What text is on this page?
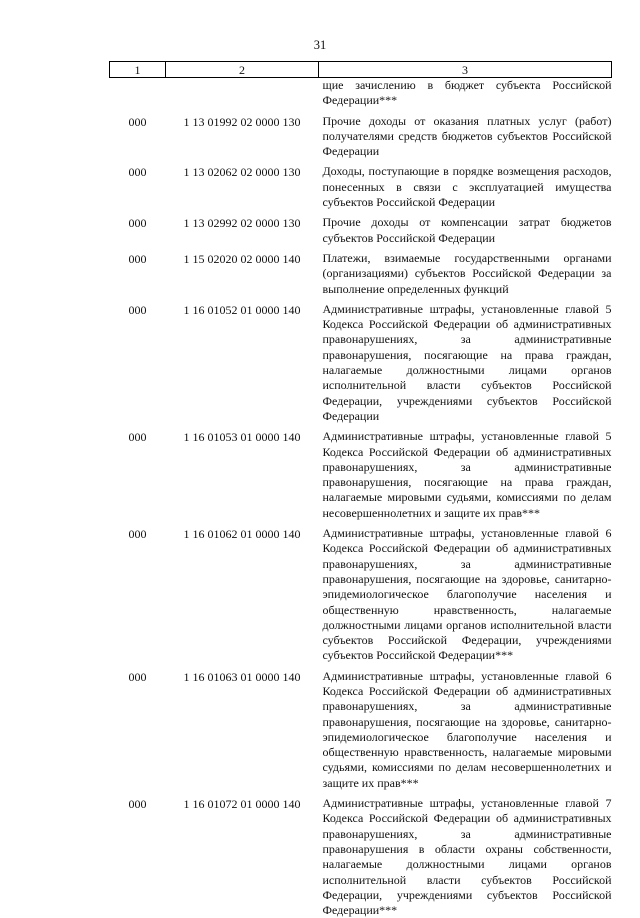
31
1	2	3
		щие зачислению в бюджет субъекта Российской Федерации***
000	1 13 01992 02 0000 130	Прочие доходы от оказания платных услуг (работ) получателями средств бюджетов субъектов Российской Федерации
000	1 13 02062 02 0000 130	Доходы, поступающие в порядке возмещения расходов, понесенных в связи с эксплуатацией имущества субъектов Российской Федерации
000	1 13 02992 02 0000 130	Прочие доходы от компенсации затрат бюджетов субъектов Российской Федерации
000	1 15 02020 02 0000 140	Платежи, взимаемые государственными органами (организациями) субъектов Российской Федерации за выполнение определенных функций
000	1 16 01052 01 0000 140	Административные штрафы, установленные главой 5 Кодекса Российской Федерации об административных правонарушениях, за административные правонарушения, посягающие на права граждан, налагаемые должностными лицами органов исполнительной власти субъектов Российской Федерации, учреждениями субъектов Российской Федерации
000	1 16 01053 01 0000 140	Административные штрафы, установленные главой 5 Кодекса Российской Федерации об административных правонарушениях, за административные правонарушения, посягающие на права граждан, налагаемые мировыми судьями, комиссиями по делам несовершеннолетних и защите их прав***
000	1 16 01062 01 0000 140	Административные штрафы, установленные главой 6 Кодекса Российской Федерации об административных правонарушениях, за административные правонарушения, посягающие на здоровье, санитарно-эпидемиологическое благополучие населения и общественную нравственность, налагаемые должностными лицами органов исполнительной власти субъектов Российской Федерации, учреждениями субъектов Российской Федерации***
000	1 16 01063 01 0000 140	Административные штрафы, установленные главой 6 Кодекса Российской Федерации об административных правонарушениях, за административные правонарушения, посягающие на здоровье, санитарно-эпидемиологическое благополучие населения и общественную нравственность, налагаемые мировыми судьями, комиссиями по делам несовершеннолетних и защите их прав***
000	1 16 01072 01 0000 140	Административные штрафы, установленные главой 7 Кодекса Российской Федерации об административных правонарушениях, за административные правонарушения в области охраны собственности, налагаемые должностными лицами органов исполнительной власти субъектов Российской Федерации, учреждениями субъектов Российской Федерации***
